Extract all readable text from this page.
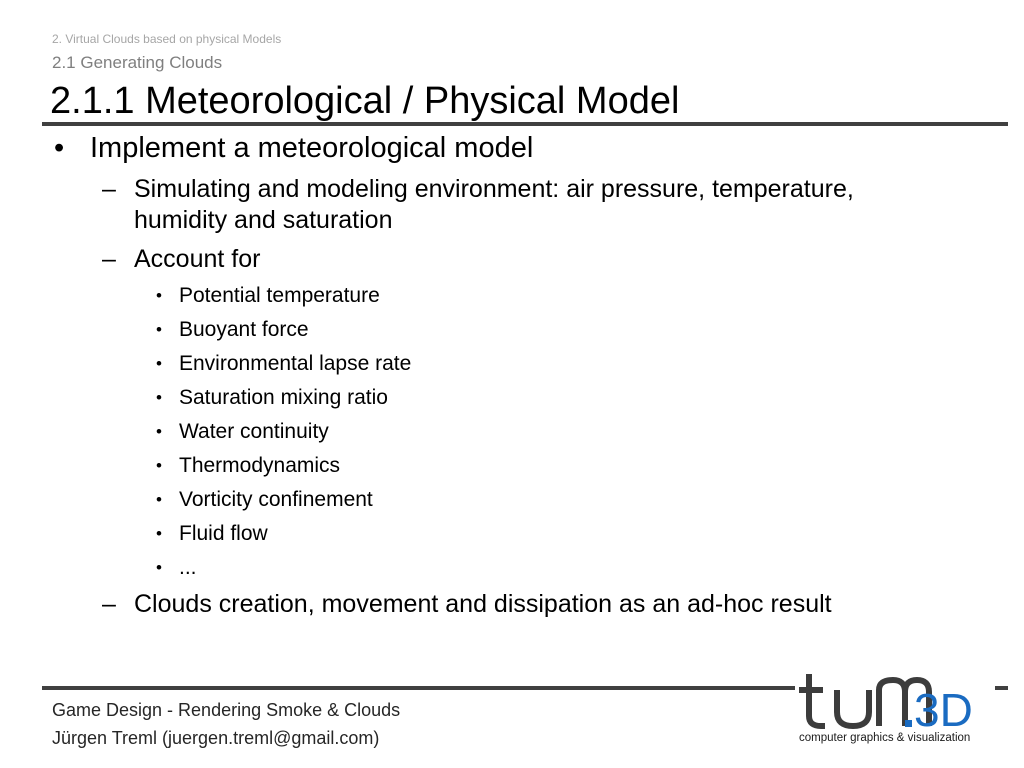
2. Virtual Clouds based on physical Models
2.1 Generating Clouds
2.1.1 Meteorological / Physical Model
• Implement a meteorological model
– Simulating and modeling environment: air pressure, temperature, humidity and saturation
– Account for
• Potential temperature
• Buoyant force
• Environmental lapse rate
• Saturation mixing ratio
• Water continuity
• Thermodynamics
• Vorticity confinement
• Fluid flow
• ...
– Clouds creation, movement and dissipation as an ad-hoc result
Game Design - Rendering Smoke & Clouds
Jürgen Treml (juergen.treml@gmail.com)
3D
computer graphics & visualization
